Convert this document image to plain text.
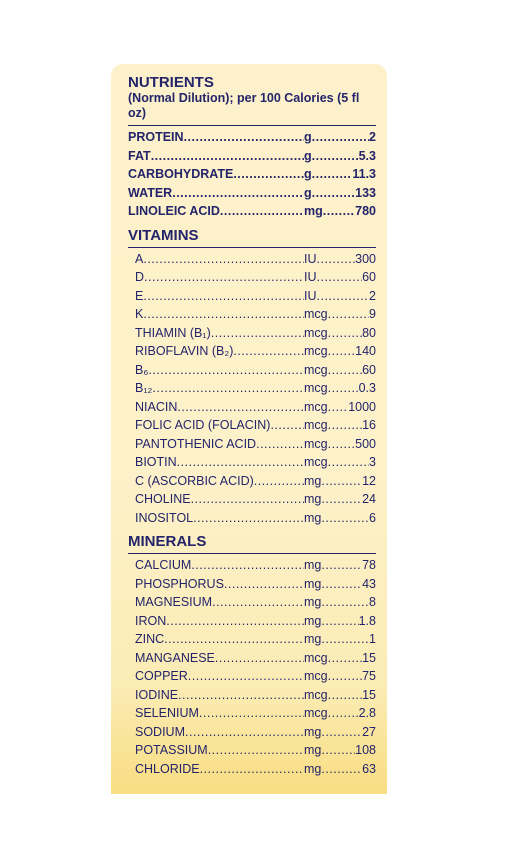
NUTRIENTS
(Normal Dilution); per 100 Calories (5 fl oz)
PROTEIN .....	g .....	2
FAT .....	g .....	5.3
CARBOHYDRATE .....	g .....	11.3
WATER .....	g .....	133
LINOLEIC ACID .....	mg .....	780
VITAMINS
A .....	IU .....	300
D .....	IU .....	60
E .....	IU .....	2
K .....	mcg .....	9
THIAMIN (B₁) .....	mcg .....	80
RIBOFLAVIN (B₂) .....	mcg ..... 140
B₆ .....	mcg .....	60
B₁₂ .....	mcg ..... 0.3
NIACIN .....	mcg ..... 1000
FOLIC ACID (FOLACIN) .....	mcg .....	16
PANTOTHENIC ACID .....	mcg ..... 500
BIOTIN .....	mcg .....	3
C (ASCORBIC ACID) .....	mg .....	12
CHOLINE .....	mg .....	24
INOSITOL .....	mg .....	6
MINERALS
CALCIUM .....	mg .....	78
PHOSPHORUS .....	mg .....	43
MAGNESIUM .....	mg .....	8
IRON .....	mg .....	1.8
ZINC .....	mg .....	1
MANGANESE .....	mcg .....	15
COPPER .....	mcg .....	75
IODINE .....	mcg .....	15
SELENIUM .....	mcg ..... 2.8
SODIUM .....	mg .....	27
POTASSIUM .....	mg .....	108
CHLORIDE .....	mg .....	63
